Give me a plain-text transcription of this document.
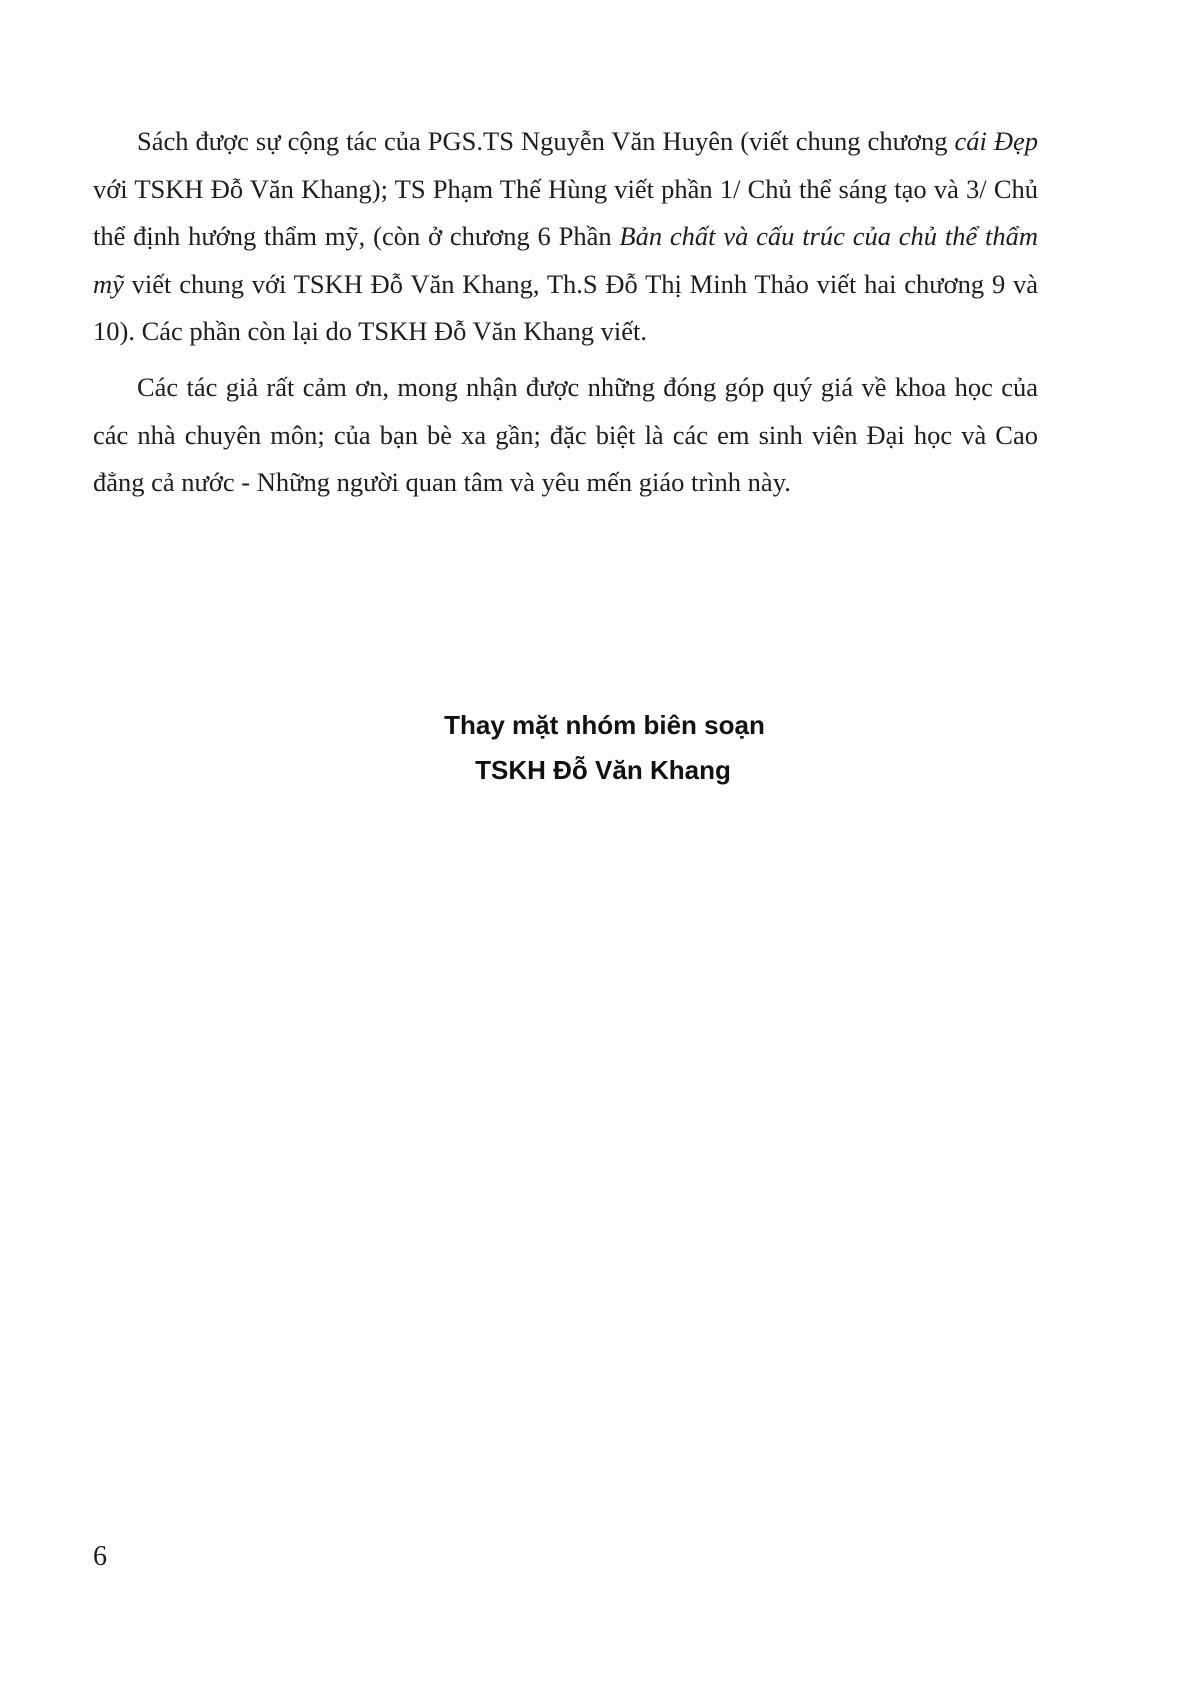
Sách được sự cộng tác của PGS.TS Nguyễn Văn Huyên (viết chung chương cái Đẹp với TSKH Đỗ Văn Khang); TS Phạm Thế Hùng viết phần 1/ Chủ thể sáng tạo và 3/ Chủ thể định hướng thẩm mỹ, (còn ở chương 6 Phần Bản chất và cấu trúc của chủ thể thẩm mỹ viết chung với TSKH Đỗ Văn Khang, Th.S Đỗ Thị Minh Thảo viết hai chương 9 và 10). Các phần còn lại do TSKH Đỗ Văn Khang viết.

Các tác giả rất cảm ơn, mong nhận được những đóng góp quý giá về khoa học của các nhà chuyên môn; của bạn bè xa gần; đặc biệt là các em sinh viên Đại học và Cao đẳng cả nước - Những người quan tâm và yêu mến giáo trình này.

Thay mặt nhóm biên soạn
TSKH Đỗ Văn Khang
6
